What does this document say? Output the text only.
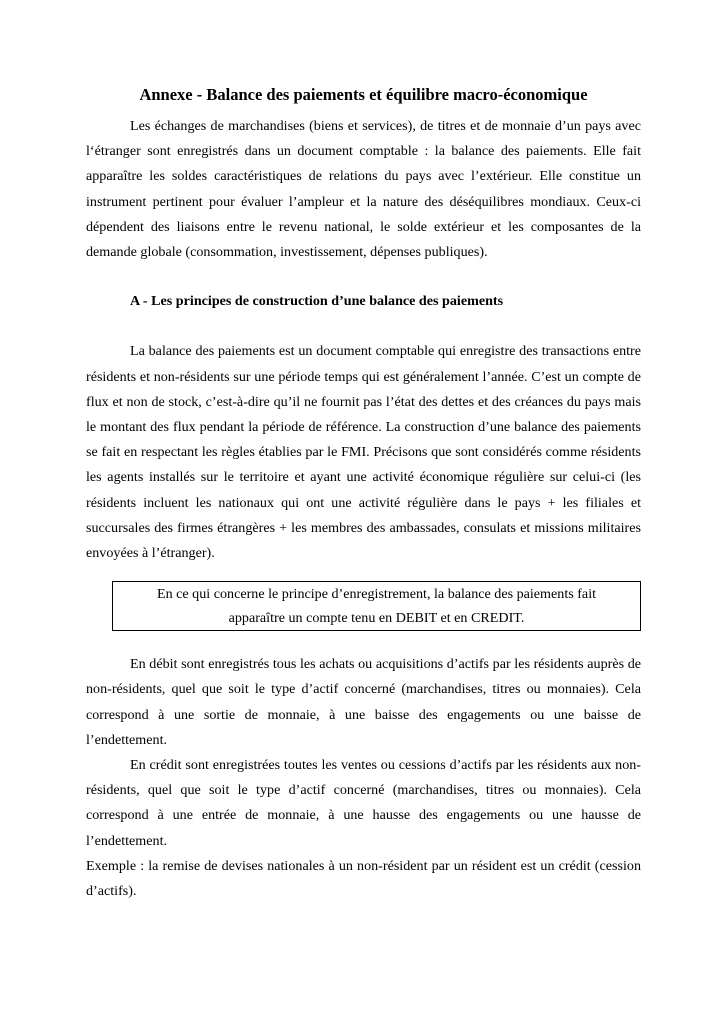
Annexe - Balance des paiements et équilibre macro-économique

Les échanges de marchandises (biens et services), de titres et de monnaie d’un pays avec l‘étranger sont enregistrés dans un document comptable : la balance des paiements. Elle fait apparaître les soldes caractéristiques de relations du pays avec l’extérieur. Elle constitue un instrument pertinent pour évaluer l’ampleur et la nature des déséquilibres mondiaux. Ceux-ci dépendent des liaisons entre le revenu national, le solde extérieur et les composantes de la demande globale (consommation, investissement, dépenses publiques).

A - Les principes de construction d’une balance des paiements

La balance des paiements est un document comptable qui enregistre des transactions entre résidents et non-résidents sur une période temps qui est généralement l’année. C’est un compte de flux et non de stock, c’est-à-dire qu’il ne fournit pas l’état des dettes et des créances du pays mais le montant des flux pendant la période de référence. La construction d’une balance des paiements se fait en respectant les règles établies par le FMI. Précisons que sont considérés comme résidents les agents installés sur le territoire et ayant une activité économique régulière sur celui-ci (les résidents incluent les nationaux qui ont une activité régulière dans le pays + les filiales et succursales des firmes étrangères + les membres des ambassades, consulats et missions militaires envoyées à l’étranger).

En ce qui concerne le principe d’enregistrement, la balance des paiements fait
apparaître un compte tenu en DEBIT et en CREDIT.

En débit sont enregistrés tous les achats ou acquisitions d’actifs par les résidents auprès de non-résidents, quel que soit le type d’actif concerné (marchandises, titres ou monnaies). Cela correspond à une sortie de monnaie, à une baisse des engagements ou une baisse de l’endettement.

En crédit sont enregistrées toutes les ventes ou cessions d’actifs par les résidents aux non-résidents, quel que soit le type d’actif concerné (marchandises, titres ou monnaies). Cela correspond à une entrée de monnaie, à une hausse des engagements ou une hausse de l’endettement.

Exemple : la remise de devises nationales à un non-résident par un résident est un crédit (cession d’actifs).
